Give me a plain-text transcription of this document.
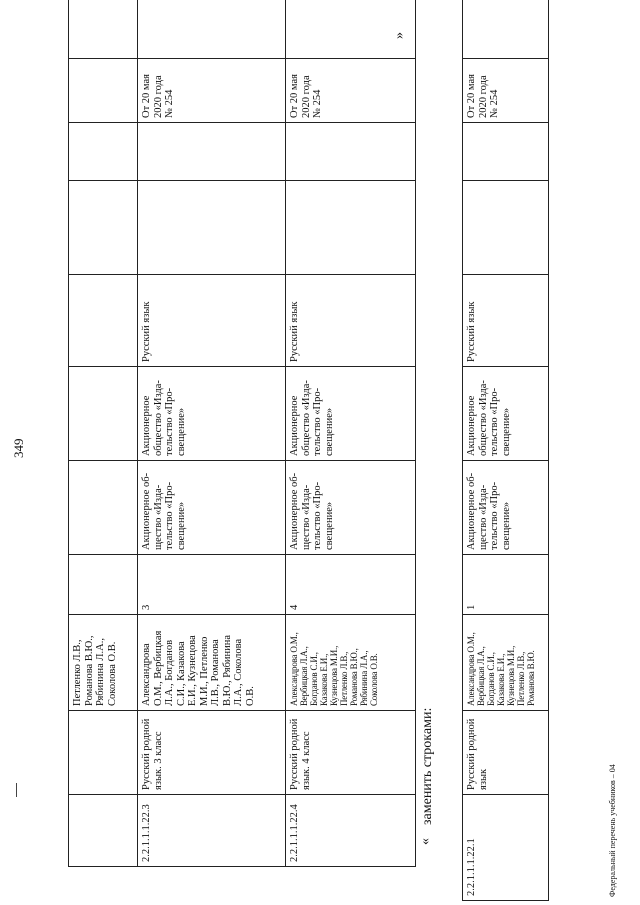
349
		Петленко Л.В., Романова В.Ю., Рябинина Л.А., Соколова О.В.								
2.2.1.1.1.22.3	Русский родной язык. 3 класс	Александрова О.М., Вербицкая Л.А., Богданов С.И., Казакова Е.И., Кузнецова М.И., Петленко Л.В., Романова В.Ю., Рябинина Л.А., Соколова О.В.	3	Акционерное об-щество «Изда-тельство «Про-свещение»	Акционерное общество «Изда-тельство «Про-свещение»	Русский язык			От 20 мая 2020 года № 254	
2.2.1.1.1.22.4	Русский родной язык. 4 класс	Александрова О.М., Вербицкая Л.А., Богданов С.И., Казакова Е.И., Кузнецова М.И., Петленко Л.В., Романова В.Ю., Рябинина Л.А., Соколова О.В.	4	Акционерное об-щество «Изда-тельство «Про-свещение»	Акционерное общество «Изда-тельство «Про-свещение»	Русский язык			От 20 мая 2020 года № 254	
»
«
заменить строками:
2.2.1.1.1.22.1	Русский родной язык	Александрова О.М., Вербицкая Л.А., Богданов С.И., Казакова Е.И., Кузнецова М.И., Петленко Л.В., Романова В.Ю.	1	Акционерное об-щество «Изда-тельство «Про-свещение»	Акционерное общество «Изда-тельство «Про-свещение»	Русский язык			От 20 мая 2020 года № 254	
Федеральный перечень учебников – 04
